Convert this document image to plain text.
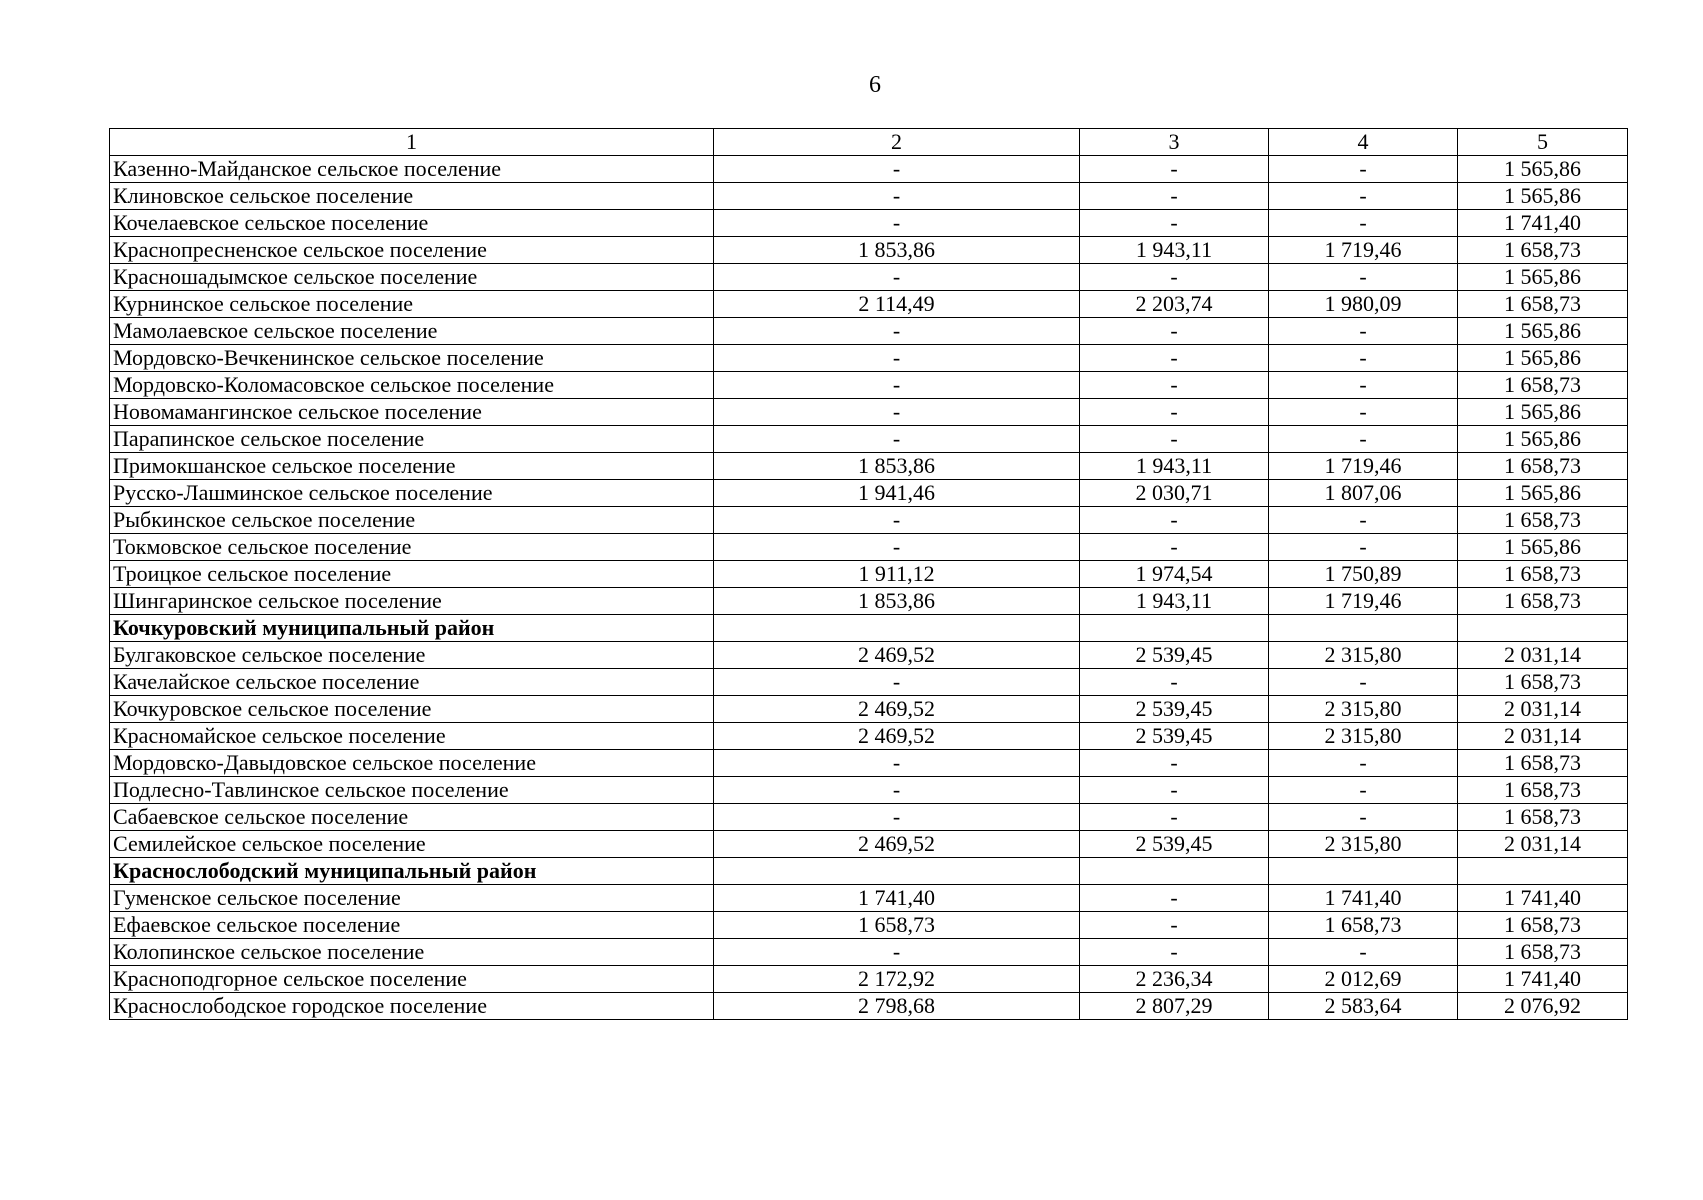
6
1	2	3	4	5
Казенно-Майданское сельское поселение	-	-	-	1 565,86
Клиновское сельское поселение	-	-	-	1 565,86
Кочелаевское сельское поселение	-	-	-	1 741,40
Краснопресненское сельское поселение	1 853,86	1 943,11	1 719,46	1 658,73
Красношадымское сельское поселение	-	-	-	1 565,86
Курнинское сельское поселение	2 114,49	2 203,74	1 980,09	1 658,73
Мамолаевское сельское поселение	-	-	-	1 565,86
Мордовско-Вечкенинское сельское поселение	-	-	-	1 565,86
Мордовско-Коломасовское сельское поселение	-	-	-	1 658,73
Новомамангинское сельское поселение	-	-	-	1 565,86
Парапинское сельское поселение	-	-	-	1 565,86
Примокшанское сельское поселение	1 853,86	1 943,11	1 719,46	1 658,73
Русско-Лашминское сельское поселение	1 941,46	2 030,71	1 807,06	1 565,86
Рыбкинское сельское поселение	-	-	-	1 658,73
Токмовское сельское поселение	-	-	-	1 565,86
Троицкое сельское поселение	1 911,12	1 974,54	1 750,89	1 658,73
Шингаринское сельское поселение	1 853,86	1 943,11	1 719,46	1 658,73
Кочкуровский муниципальный район				
Булгаковское сельское поселение	2 469,52	2 539,45	2 315,80	2 031,14
Качелайское сельское поселение	-	-	-	1 658,73
Кочкуровское сельское поселение	2 469,52	2 539,45	2 315,80	2 031,14
Красномайское сельское поселение	2 469,52	2 539,45	2 315,80	2 031,14
Мордовско-Давыдовское сельское поселение	-	-	-	1 658,73
Подлесно-Тавлинское сельское поселение	-	-	-	1 658,73
Сабаевское сельское поселение	-	-	-	1 658,73
Семилейское сельское поселение	2 469,52	2 539,45	2 315,80	2 031,14
Краснослободский муниципальный район				
Гуменское сельское поселение	1 741,40	-	1 741,40	1 741,40
Ефаевское сельское поселение	1 658,73	-	1 658,73	1 658,73
Колопинское сельское поселение	-	-	-	1 658,73
Красноподгорное сельское поселение	2 172,92	2 236,34	2 012,69	1 741,40
Краснослободское городское поселение	2 798,68	2 807,29	2 583,64	2 076,92
